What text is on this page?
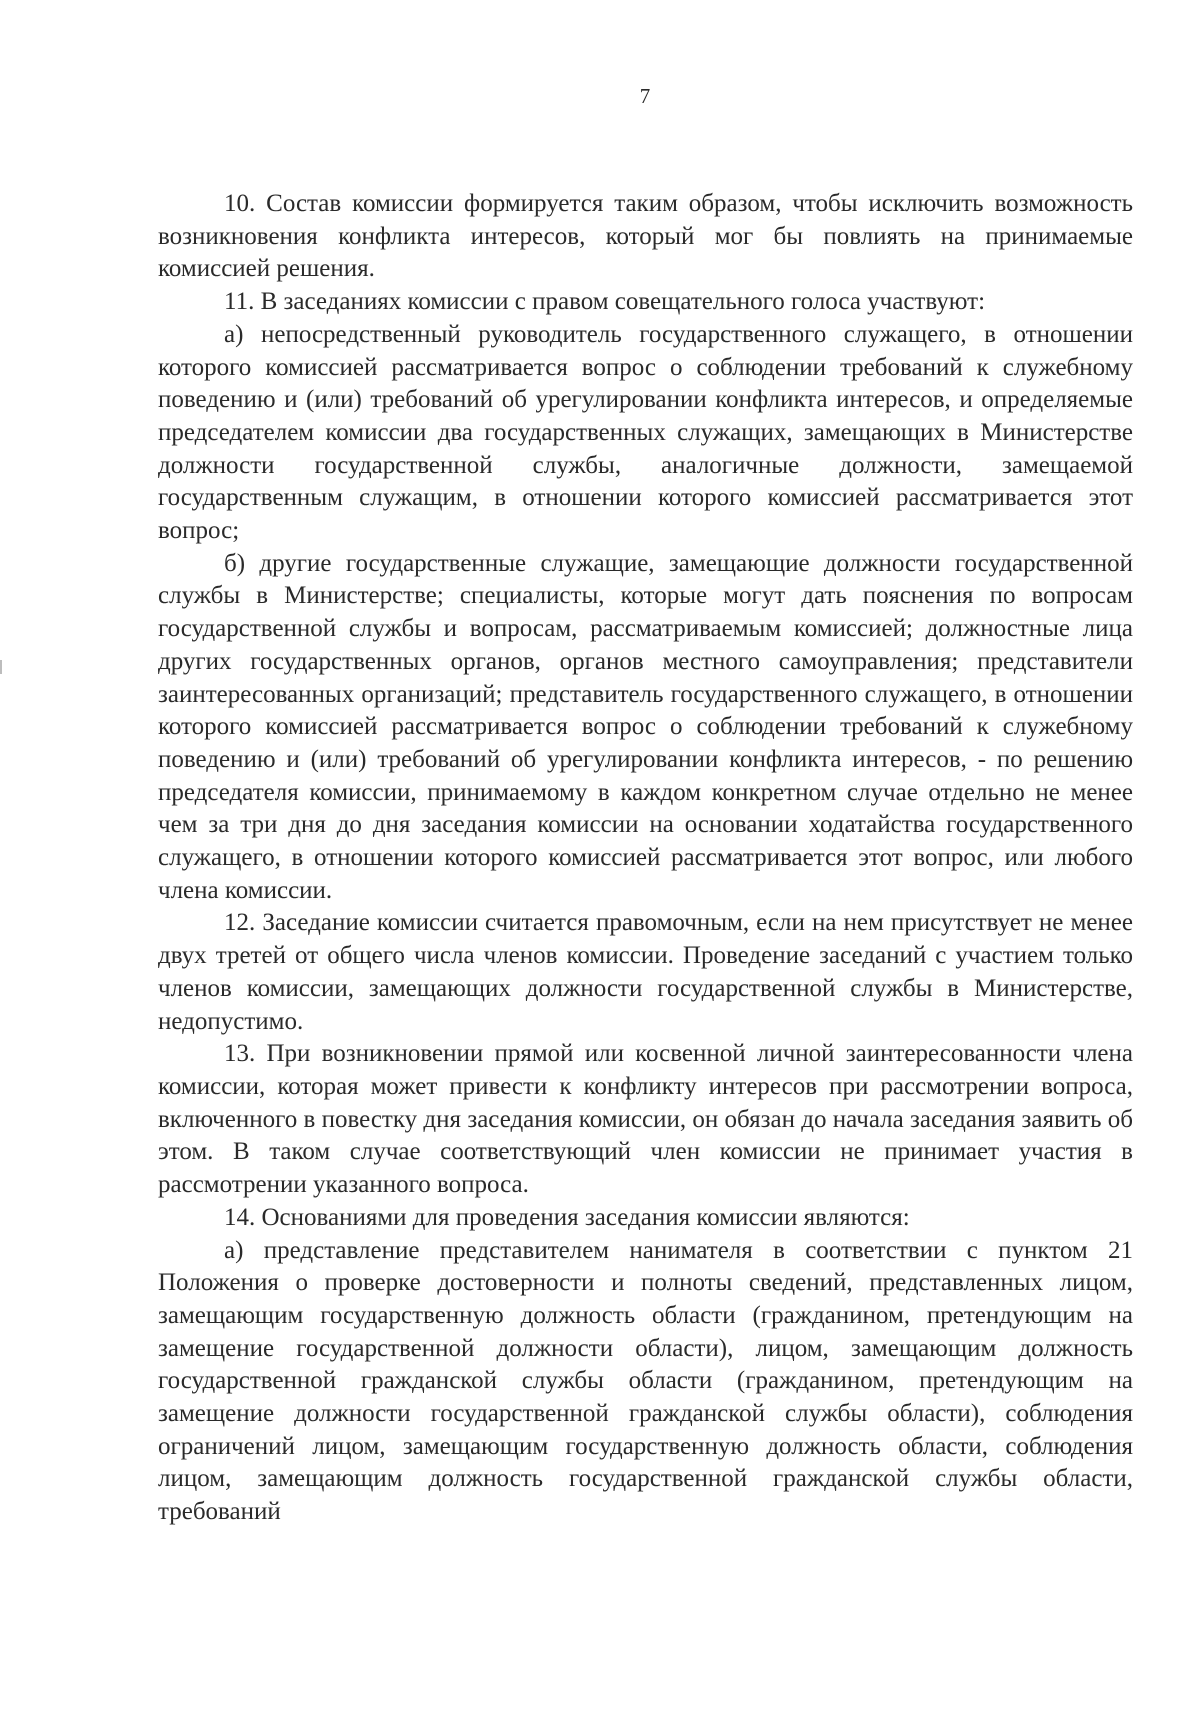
7

10. Состав комиссии формируется таким образом, чтобы исключить возможность возникновения конфликта интересов, который мог бы повлиять на принимаемые комиссией решения.

11. В заседаниях комиссии с правом совещательного голоса участвуют:

а) непосредственный руководитель государственного служащего, в отношении которого комиссией рассматривается вопрос о соблюдении требований к служебному поведению и (или) требований об урегулировании конфликта интересов, и определяемые председателем комиссии два государственных служащих, замещающих в Министерстве должности государственной службы, аналогичные должности, замещаемой государственным служащим, в отношении которого комиссией рассматривается этот вопрос;

б) другие государственные служащие, замещающие должности государственной службы в Министерстве; специалисты, которые могут дать пояснения по вопросам государственной службы и вопросам, рассматриваемым комиссией; должностные лица других государственных органов, органов местного самоуправления; представители заинтересованных организаций; представитель государственного служащего, в отношении которого комиссией рассматривается вопрос о соблюдении требований к служебному поведению и (или) требований об урегулировании конфликта интересов, - по решению председателя комиссии, принимаемому в каждом конкретном случае отдельно не менее чем за три дня до дня заседания комиссии на основании ходатайства государственного служащего, в отношении которого комиссией рассматривается этот вопрос, или любого члена комиссии.

12. Заседание комиссии считается правомочным, если на нем присутствует не менее двух третей от общего числа членов комиссии. Проведение заседаний с участием только членов комиссии, замещающих должности государственной службы в Министерстве, недопустимо.

13. При возникновении прямой или косвенной личной заинтересованности члена комиссии, которая может привести к конфликту интересов при рассмотрении вопроса, включенного в повестку дня заседания комиссии, он обязан до начала заседания заявить об этом. В таком случае соответствующий член комиссии не принимает участия в рассмотрении указанного вопроса.

14. Основаниями для проведения заседания комиссии являются:

а) представление представителем нанимателя в соответствии с пунктом 21 Положения о проверке достоверности и полноты сведений, представленных лицом, замещающим государственную должность области (гражданином, претендующим на замещение государственной должности области), лицом, замещающим должность государственной гражданской службы области (гражданином, претендующим на замещение должности государственной гражданской службы области), соблюдения ограничений лицом, замещающим государственную должность области, соблюдения лицом, замещающим должность государственной гражданской службы области, требований
